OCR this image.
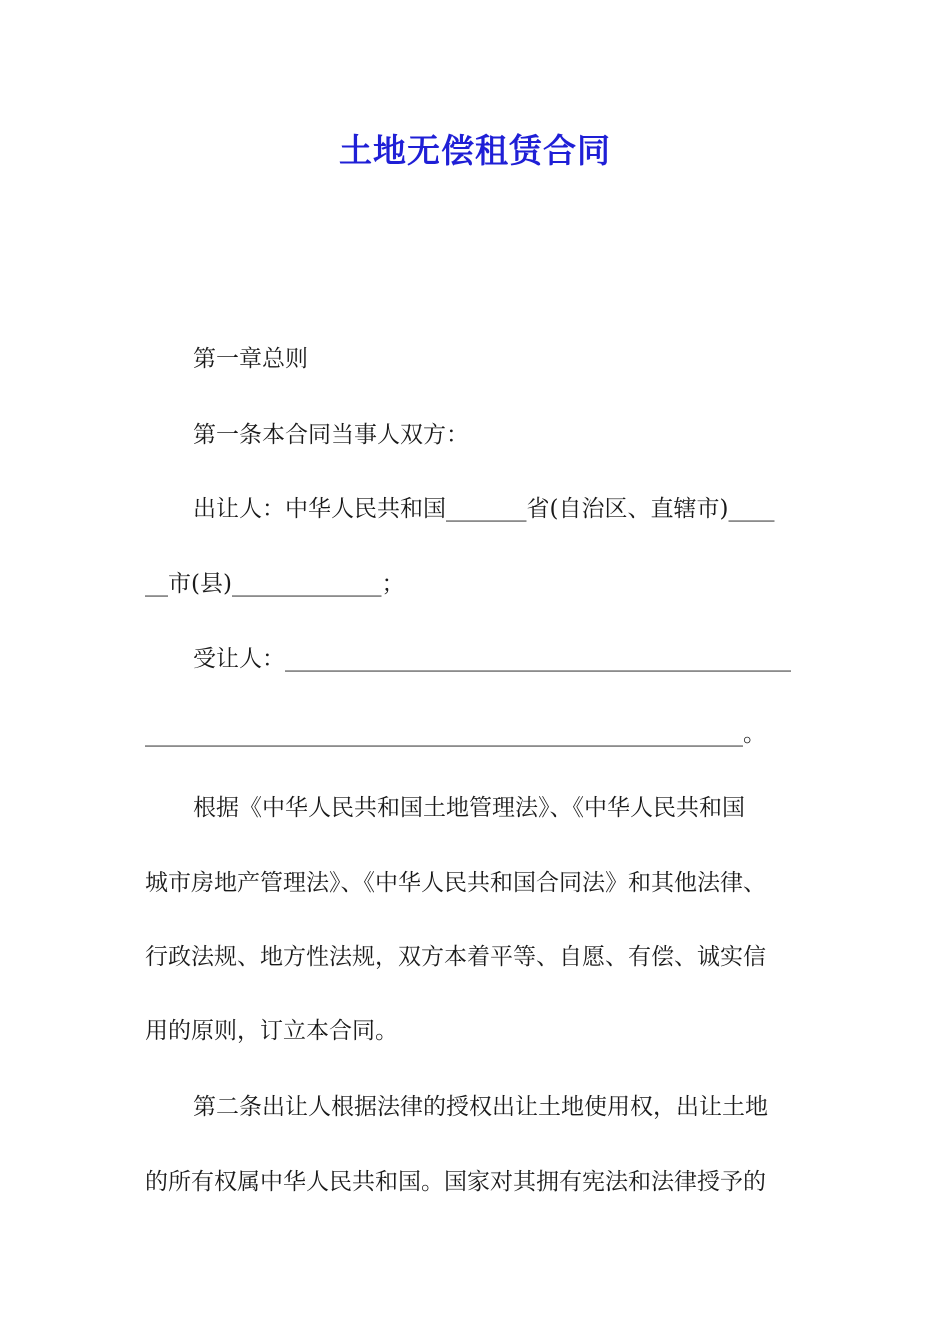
土地无偿租赁合同
第一章总则
第一条本合同当事人双方：
出让人：中华人民共和国_______省(自治区、直辖市)____
__市(县)_____________；
受让人：____________________________________________
____________________________________________________。
根据《中华人民共和国土地管理法》、《中华人民共和国
城市房地产管理法》、《中华人民共和国合同法》和其他法律、
行政法规、地方性法规，双方本着平等、自愿、有偿、诚实信
用的原则，订立本合同。
第二条出让人根据法律的授权出让土地使用权，出让土地
的所有权属中华人民共和国。国家对其拥有宪法和法律授予的
